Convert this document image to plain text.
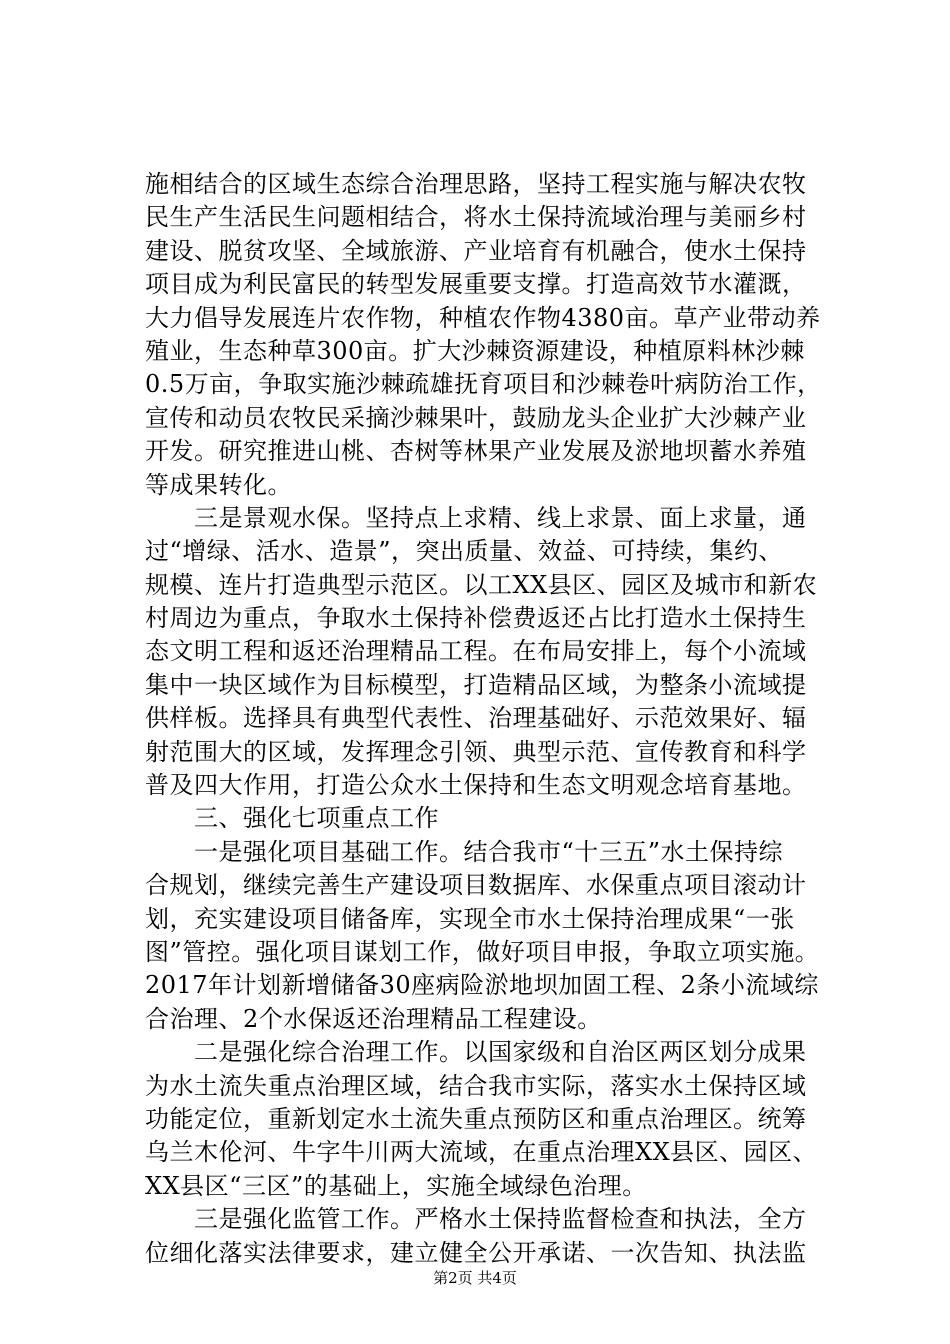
施相结合的区域生态综合治理思路，坚持工程实施与解决农牧
民生产生活民生问题相结合，将水土保持流域治理与美丽乡村
建设、脱贫攻坚、全域旅游、产业培育有机融合，使水土保持
项目成为利民富民的转型发展重要支撑。打造高效节水灌溉，
大力倡导发展连片农作物，种植农作物4380亩。草产业带动养
殖业，生态种草300亩。扩大沙棘资源建设，种植原料林沙棘
0.5万亩，争取实施沙棘疏雄抚育项目和沙棘卷叶病防治工作，
宣传和动员农牧民采摘沙棘果叶，鼓励龙头企业扩大沙棘产业
开发。研究推进山桃、杏树等林果产业发展及淤地坝蓄水养殖
等成果转化。
　　三是景观水保。坚持点上求精、线上求景、面上求量，通
过“增绿、活水、造景”，突出质量、效益、可持续，集约、
规模、连片打造典型示范区。以工XX县区、园区及城市和新农
村周边为重点，争取水土保持补偿费返还占比打造水土保持生
态文明工程和返还治理精品工程。在布局安排上，每个小流域
集中一块区域作为目标模型，打造精品区域，为整条小流域提
供样板。选择具有典型代表性、治理基础好、示范效果好、辐
射范围大的区域，发挥理念引领、典型示范、宣传教育和科学
普及四大作用，打造公众水土保持和生态文明观念培育基地。
　　三、强化七项重点工作
　　一是强化项目基础工作。结合我市“十三五”水土保持综
合规划，继续完善生产建设项目数据库、水保重点项目滚动计
划，充实建设项目储备库，实现全市水土保持治理成果“一张
图”管控。强化项目谋划工作，做好项目申报，争取立项实施。
2017年计划新增储备30座病险淤地坝加固工程、2条小流域综
合治理、2个水保返还治理精品工程建设。
　　二是强化综合治理工作。以国家级和自治区两区划分成果
为水土流失重点治理区域，结合我市实际，落实水土保持区域
功能定位，重新划定水土流失重点预防区和重点治理区。统筹
乌兰木伦河、牛字牛川两大流域，在重点治理XX县区、园区、
XX县区“三区”的基础上，实施全域绿色治理。
　　三是强化监管工作。严格水土保持监督检查和执法，全方
位细化落实法律要求，建立健全公开承诺、一次告知、执法监
第2页 共4页
